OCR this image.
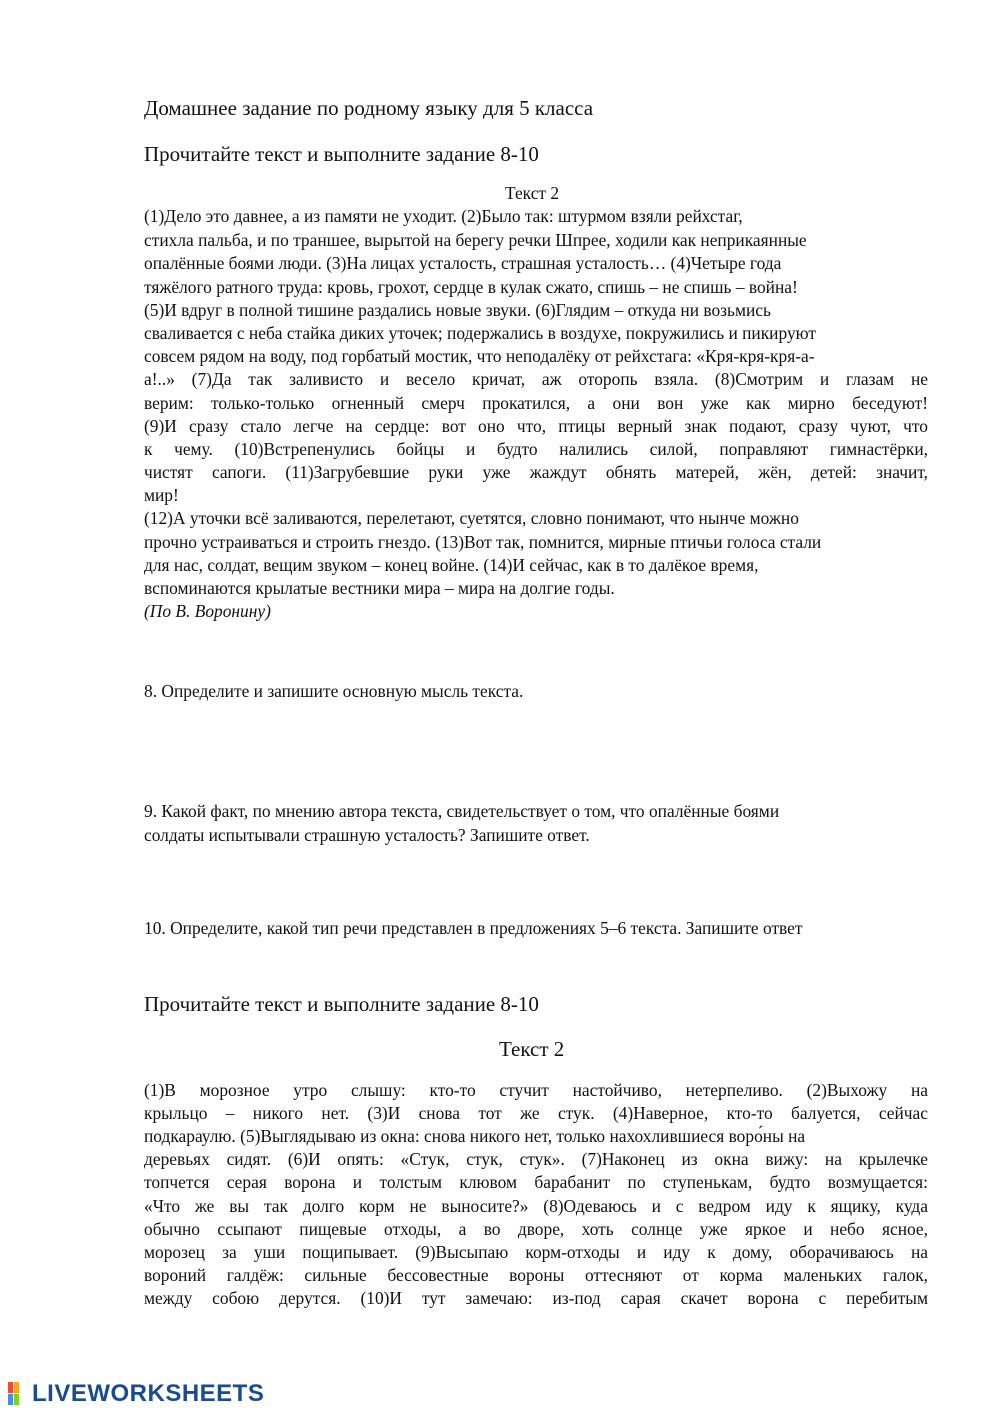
Домашнее задание по родному языку для 5 класса
Прочитайте текст и выполните задание 8-10
Текст 2
(1)Дело это давнее, а из памяти не уходит. (2)Было так: штурмом взяли рейхстаг,
стихла пальба, и по траншее, вырытой на берегу речки Шпрее, ходили как неприкаянные
опалённые боями люди. (3)На лицах усталость, страшная усталость… (4)Четыре года
тяжёлого ратного труда: кровь, грохот, сердце в кулак сжато, спишь – не спишь – война!
(5)И вдруг в полной тишине раздались новые звуки. (6)Глядим – откуда ни возьмись
сваливается с неба стайка диких уточек; подержались в воздухе, покружились и пикируют
совсем рядом на воду, под горбатый мостик, что неподалёку от рейхстага: «Кря-кря-кря-а-
а!..» (7)Да так заливисто и весело кричат, аж оторопь взяла. (8)Смотрим и глазам не
верим: только-только огненный смерч прокатился, а они вон уже как мирно беседуют!
(9)И сразу стало легче на сердце: вот оно что, птицы верный знак подают, сразу чуют, что
к чему. (10)Встрепенулись бойцы и будто налились силой, поправляют гимнастёрки,
чистят сапоги. (11)Загрубевшие руки уже жаждут обнять матерей, жён, детей: значит,
мир!
(12)А уточки всё заливаются, перелетают, суетятся, словно понимают, что нынче можно
прочно устраиваться и строить гнездо. (13)Вот так, помнится, мирные птичьи голоса стали
для нас, солдат, вещим звуком – конец войне. (14)И сейчас, как в то далёкое время,
вспоминаются крылатые вестники мира – мира на долгие годы.
(По В. Воронину)
8. Определите и запишите основную мысль текста.
9. Какой факт, по мнению автора текста, свидетельствует о том, что опалённые боями
солдаты испытывали страшную усталость? Запишите ответ.
10. Определите, какой тип речи представлен в предложениях 5–6 текста. Запишите ответ
Прочитайте текст и выполните задание 8-10
Текст 2
(1)В морозное утро слышу: кто-то стучит настойчиво, нетерпеливо. (2)Выхожу на
крыльцо – никого нет. (3)И снова тот же стук. (4)Наверное, кто-то балуется, сейчас
подкараулю. (5)Выглядываю из окна: снова никого нет, только нахохлившиеся воро́ны на
деревьях сидят. (6)И опять: «Стук, стук, стук». (7)Наконец из окна вижу: на крылечке
топчется серая ворона и толстым клювом барабанит по ступенькам, будто возмущается:
«Что же вы так долго корм не выносите?» (8)Одеваюсь и с ведром иду к ящику, куда
обычно ссыпают пищевые отходы, а во дворе, хоть солнце уже яркое и небо ясное,
морозец за уши пощипывает. (9)Высыпаю корм-отходы и иду к дому, оборачиваюсь на
вороний галдёж: сильные бессовестные вороны оттесняют от корма маленьких галок,
между собою дерутся. (10)И тут замечаю: из-под сарая скачет ворона с перебитым
LIVEWORKSHEETS
